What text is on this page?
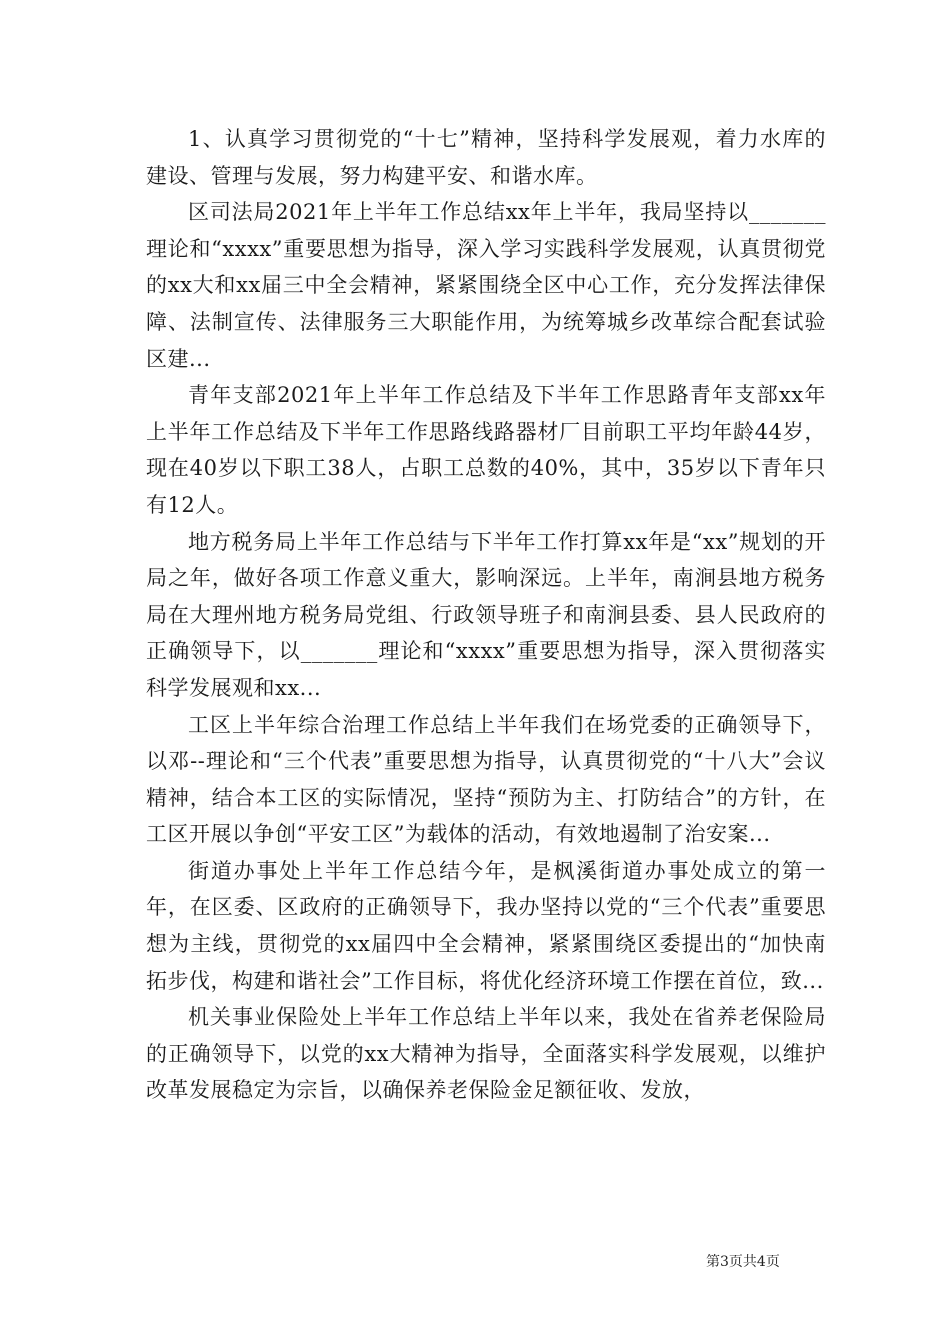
1、认真学习贯彻党的“十七”精神，坚持科学发展观，着力水库的建设、管理与发展，努力构建平安、和谐水库。

区司法局2021年上半年工作总结xx年上半年，我局坚持以_______理论和“xxxx”重要思想为指导，深入学习实践科学发展观，认真贯彻党的xx大和xx届三中全会精神，紧紧围绕全区中心工作，充分发挥法律保障、法制宣传、法律服务三大职能作用，为统筹城乡改革综合配套试验区建...

青年支部2021年上半年工作总结及下半年工作思路青年支部xx年上半年工作总结及下半年工作思路线路器材厂目前职工平均年龄44岁，现在40岁以下职工38人，占职工总数的40%，其中，35岁以下青年只有12人。

地方税务局上半年工作总结与下半年工作打算xx年是“xx”规划的开局之年，做好各项工作意义重大，影响深远。上半年，南涧县地方税务局在大理州地方税务局党组、行政领导班子和南涧县委、县人民政府的正确领导下，以_______理论和“xxxx”重要思想为指导，深入贯彻落实科学发展观和xx...

工区上半年综合治理工作总结上半年我们在场党委的正确领导下，以邓--理论和“三个代表”重要思想为指导，认真贯彻党的“十八大”会议精神，结合本工区的实际情况，坚持“预防为主、打防结合”的方针，在工区开展以争创“平安工区”为载体的活动，有效地遏制了治安案...

街道办事处上半年工作总结今年，是枫溪街道办事处成立的第一年，在区委、区政府的正确领导下，我办坚持以党的“三个代表”重要思想为主线，贯彻党的xx届四中全会精神，紧紧围绕区委提出的“加快南拓步伐，构建和谐社会”工作目标，将优化经济环境工作摆在首位，致...

机关事业保险处上半年工作总结上半年以来，我处在省养老保险局的正确领导下，以党的xx大精神为指导，全面落实科学发展观，以维护改革发展稳定为宗旨，以确保养老保险金足额征收、发放，

第3页共4页
